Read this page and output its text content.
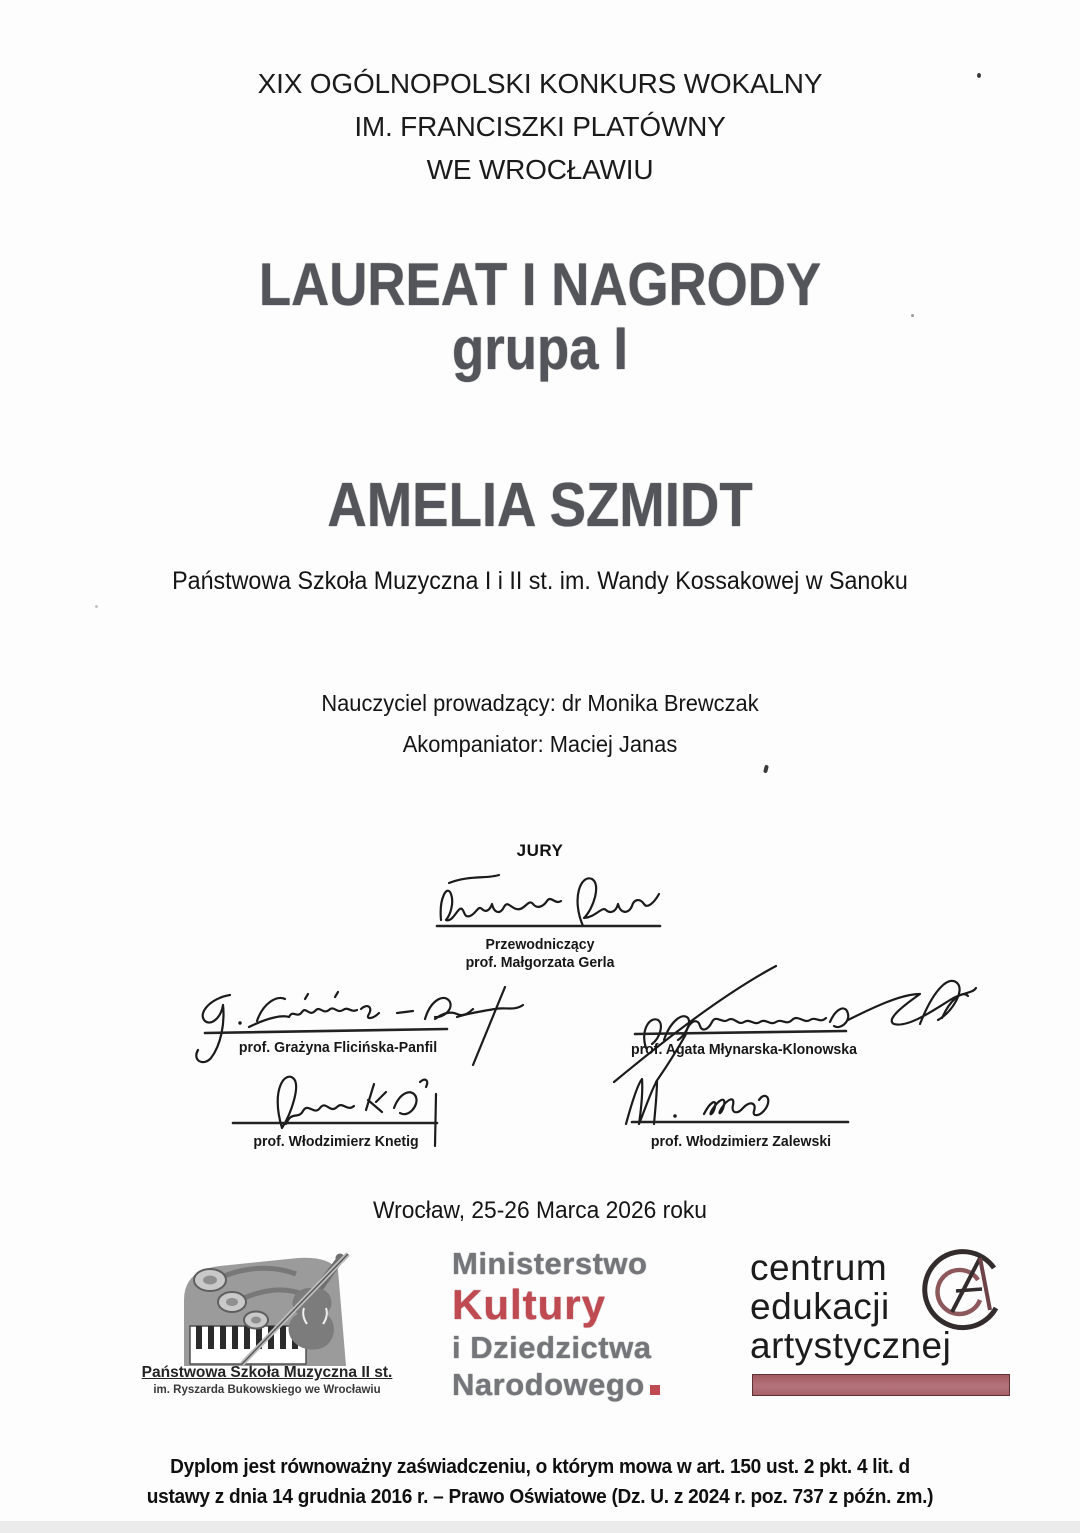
XIX OGÓLNOPOLSKI KONKURS WOKALNY
IM. FRANCISZKI PLATÓWNY
WE WROCŁAWIU
LAUREAT I NAGRODY
grupa I
AMELIA SZMIDT
Państwowa Szkoła Muzyczna I i II st. im. Wandy Kossakowej w Sanoku
Nauczyciel prowadzący: dr Monika Brewczak
Akompaniator: Maciej Janas
JURY
Przewodniczący
prof. Małgorzata Gerla
prof. Grażyna Flicińska-Panfil	prof. Agata Młynarska-Klonowska
prof. Włodzimierz Knetig	prof. Włodzimierz Zalewski
Wrocław, 25-26 Marca 2026 roku
Państwowa Szkoła Muzyczna II st.
im. Ryszarda Bukowskiego we Wrocławiu
Ministerstwo
Kultury
i Dziedzictwa
Narodowego
centrum
edukacji
artystycznej
Dyplom jest równoważny zaświadczeniu, o którym mowa w art. 150 ust. 2 pkt. 4 lit. d
ustawy z dnia 14 grudnia 2016 r. – Prawo Oświatowe (Dz. U. z 2024 r. poz. 737 z późn. zm.)
